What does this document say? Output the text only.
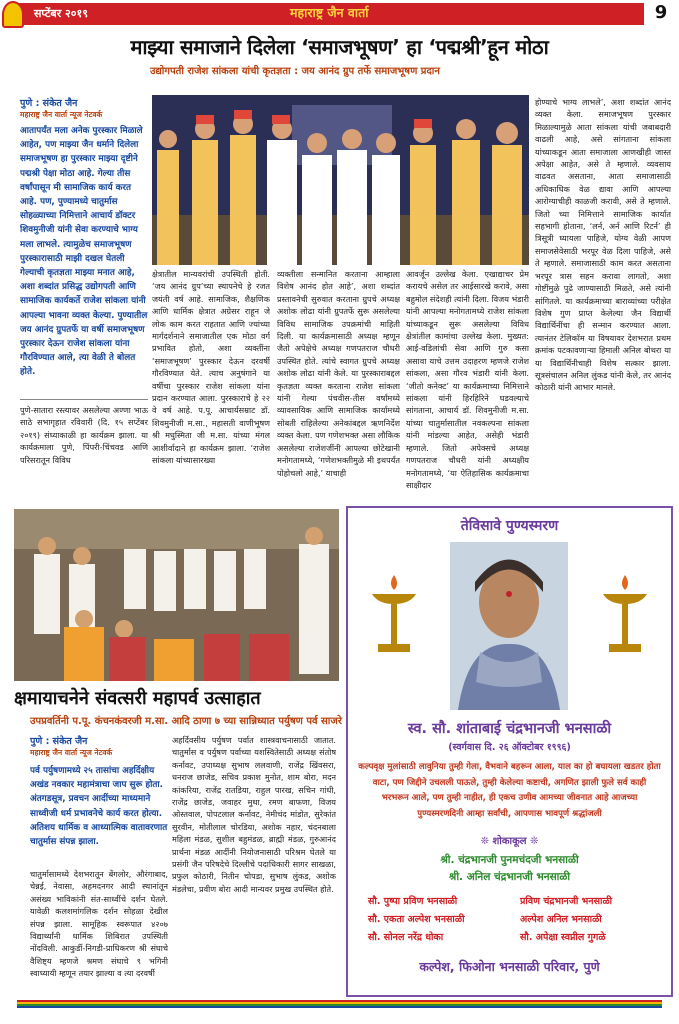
सप्टेंबर २०१९	महाराष्ट्र जैन वार्ता	9
माझ्या समाजाने दिलेला ‘समाजभूषण’ हा ‘पद्मश्री’हून मोठा
उद्योगपती राजेश सांकला यांची कृतज्ञता : जय आनंद ग्रुप तर्फे समाजभूषण प्रदान
पुणे : संकेत जैन
महाराष्ट्र जैन वार्ता न्यूज नेटवर्क
आतापर्यंत मला अनेक पुरस्कार मिळाले आहेत, पण माझ्या जैन धर्माने दिलेला समाजभूषण हा पुरस्कार माझ्या दृष्टीने पद्मश्री पेक्षा मोठा आहे. गेल्या तीस वर्षांपासून मी सामाजिक कार्य करत आहे. पण, पुण्यामध्ये चातुर्मास सोहळ्याच्या निमित्ताने आचार्य डॉक्टर शिवमुनीजी यांनी सेवा करण्याचे भाग्य मला लाभले. त्यामुळेच समाजभूषण पुरस्कारासाठी माझी दखल घेतली गेल्याची कृतज्ञता माझ्या मनात आहे, अशा शब्दांत प्रसिद्ध उद्योगपती आणि सामाजिक कार्यकर्ते राजेश सांकला यांनी आपल्या भावना व्यक्त केल्या. पुण्यातील जय आनंद ग्रुपतर्फे या वर्षी समाजभूषण पुरस्कार देऊन राजेश सांकला यांना गौरविण्यात आले, त्या वेळी ते बोलत होते.
पुणे-सातारा रस्त्यावर असलेल्या अण्णा भाऊ साठे सभागृहात रविवारी (दि. १५ सप्टेंबर २०१९) संध्याकाळी हा कार्यक्रम झाला. या कार्यक्रमाला पुणे, पिंपरी-चिंचवड आणि परिसरातून विविध
क्षेत्रातील मान्यवरांची उपस्थिती होती. ‘जय आनंद ग्रुप’च्या स्थापनेचे हे रजत जयंती वर्ष आहे. सामाजिक, शैक्षणिक आणि धार्मिक क्षेत्रात अग्रेसर राहून जे लोक काम करत राहतात आणि ज्यांच्या मार्गदर्शनाने समाजातील एक मोठा वर्ग प्रभावित होतो, अशा व्यक्तींना ‘समाजभूषण’ पुरस्कार देऊन दरवर्षी गौरविण्यात येते. त्याच अनुषंगाने या वर्षीचा पुरस्कार राजेश सांकला यांना प्रदान करण्यात आला. पुरस्काराचे हे २२ वे वर्ष आहे. प.पू. आचार्यसम्राट डॉ. शिवमुनीजी म.सा., महासती वाणीभूषण श्री मधुस्मिता जी म.सा. यांच्या मंगल आशीर्वादाने हा कार्यक्रम झाला. ‘राजेश सांकला यांच्यासारख्या
व्यक्तीला सन्मानित करताना आम्हाला विशेष आनंद होत आहे’, अशा शब्दांत प्रस्तावनेची सुरुवात करताना ग्रुपचे अध्यक्ष अशोक लोढा यांनी ग्रुपतर्फे सुरू असलेल्या विविध सामाजिक उपक्रमांची माहिती दिली. या कार्यक्रमासाठी अध्यक्ष म्हणून जैतो अपेक्षेचे अध्यक्ष गणपतराज चौधरी उपस्थित होते. त्यांचे स्वागत ग्रुपचे अध्यक्ष अशोक लोढा यांनी केले. या पुरस्काराबद्दल कृतज्ञता व्यक्त करताना राजेश सांकला यांनी गेल्या पंचवीस-तीस वर्षांमध्ये व्यावसायिक आणि सामाजिक कार्यामध्ये सोबती राहिलेल्या अनेकांबद्दल ऋणनिर्देश व्यक्त केला. पण गणेशभक्त असा लौकिक असलेल्या राजेशजींनी आपल्या छोटेखानी मनोगतामध्ये, ‘गणेशभक्तीमुळे मी इथपर्यंत पोहोचलो आहे,’ याचाही
आवर्जून उल्लेख केला. एखाद्याचर प्रेम करायचे असेल तर आईसारखे करावे, असा बहुमोल संदेशही त्यांनी दिला. विजय भंडारी यांनी आपल्या मनोगतामध्ये राजेश सांकला यांच्याकडून सुरू असलेल्या विविध क्षेत्रांतील कामांचा उल्लेख केला. मुख्यत: आई-वडिलांची सेवा आणि गुरु कसा असावा याचे उत्तम उदाहरण म्हणजे राजेश सांकला, असा गौरव भंडारी यांनी केला. ‘जीतो कनेक्ट’ या कार्यक्रमाच्या निमित्ताने सांकला यांनी हिरहिरिने घडवल्याचे सांगताना, आचार्य डॉ. शिवमुनीजी म.सा. यांच्या चातुर्मासातील नवकल्पना सांकला यांनी मांडल्या आहेत, असेही भंडारी म्हणाले. जितो अपेक्सचे अध्यक्ष गणपतराज चौधरी यांनी अध्यक्षीय मनोगतामध्ये, ‘या ऐतिहासिक कार्यक्रमाचा साक्षीदार
होण्याचे भाग्य लाभले’, अशा शब्दांत आनंद व्यक्त केला. समाजभूषण पुरस्कार मिळाल्यामुळे आता सांकला यांची जबाबदारी वाढली आहे, असे सांगताना सांकला यांच्याकडून आता समाजाला आणखीही जास्त अपेक्षा आहेत, असे ते म्हणाले. व्यवसाय वाढवत असताना, आता समाजासाठी अधिकाधिक वेळ द्यावा आणि आपल्या आरोग्याचीही काळजी करावी, असे ते म्हणाले. जितो च्या निमित्ताने सामाजिक कार्यात सहभागी होताना, ‘लर्न, अर्न आणि रिटर्न’ ही त्रिसूत्री घ्यायला पाहिजे, योग्य वेळी आपण समाजसेवेसाठी भरपूर वेळ दिला पाहिजे, असे ते म्हणाले. समाजासाठी काम करत असताना भरपूर त्रास सहन करावा लागतो, अशा गोष्टींमुळे पुढे जाण्यासाठी मिळते, असे त्यांनी सांगितले. या कार्यक्रमाच्या बाराव्यांच्या परीक्षेत विशेष गुण प्राप्त केलेल्या जैन विद्यार्थी विद्यार्थिनींचा ही सन्मान करण्यात आला. त्यानंतर टेलिकॉम या विषयावर देशभरात प्रथम क्रमांक पटकावणाऱ्या हिमाली अनिल बोथरा या या विद्यार्थिनीचाही विशेष सत्कार झाला. सूत्रसंचालन अनिल लुंकड यांनी केले, तर आनंद कोठारी यांनी आभार मानले.
क्षमायाचनेने संवत्सरी महापर्व उत्साहात
उपप्रवर्तिनी प.पू. कंचनकंवरजी म.सा. आदि ठाणा ७ च्या सान्निध्यात पर्युषण पर्व साजरे
पुणे : संकेत जैन
महाराष्ट्र जैन वार्ता न्यूज नेटवर्क
पर्व पर्युषणामध्ये २५ तासांचा अहर्दिक्षीय अखंड नवकार महामंत्राचा जाप सुरू होता. अंतगडसूत्र, प्रवचन आदींच्या माध्यमाने साध्वीजी धर्म प्रभावनेचे कार्य करत होत्या. अतिशय धार्मिक व आध्यात्मिक वातावरणात चातुर्मास संपन्न झाला.
चातुर्मासामध्ये देशभरातून बेंगलोर, औरंगाबाद, चेन्नई, नेवासा, अहमदनगर आदी स्थानांतून असंख्य भाविकांनी संत-साध्वींचे दर्शन घेतले. यावेळी कलशमांगलिक दर्शन सोहळा देखील संपन्न झाला. सामूहिक स्वरूपात ४२०७ विद्यार्थ्यांनी धार्मिक शिबिरात उपस्थिती नोंदविली. आकुर्डी-निगडी-प्राधिकरण श्री संघाचे वैशिष्ट्य म्हणजे श्रमण संघाचे ९ भगिनी स्वाध्यायी म्हणून तयार झाल्या व त्या दरवर्षी
अहर्दिवसीय पर्युषण पर्वात शास्त्रवाचनासाठी जातात. चातुर्मास व पर्युषण पर्वाच्या यशस्वितेसाठी अध्यक्ष संतोष कर्नावट, उपाध्यक्ष सुभाष ललवाणी, राजेंद्र खिंवसरा, धनराज छाजेड, सचिव प्रकाश मुनोत, शाम बोरा, मदन कांकरिया, राजेंद्र रातडिया, राहुल पारख, सचिन गांधी, राजेंद्र छाजेड, जवाहर मुथा, रमण बाफणा, विजय ओस्तवाल, पोपटलाल कर्नावट, नेमीचंद मांडोत, सुरेकांत सुरवीन, मोतीलाल चोरडिया, अशोक नहार, चंदनबाला महिला मंडळ, सुशील बहुमंडळ, ब्राह्मी मंडळ, गुरुआनंद प्रार्थना मंडळ आदींनी नियोजनासाठी परिश्रम घेतले या प्रसंगी जैन परिषदेचे दिल्लीचे पदाधिकारी सागर साखळा, प्रफुल कोठारी, नितीन चोपडा, सुभाष लुंकड, अशोक मंडलेचा, प्रवीण बोरा आदी मान्यवर प्रमुख उपस्थित होते.
तेविसावे पुण्यस्मरण
स्व. सौ. शांताबाई चंद्रभानजी भनसाळी
(स्वर्गवास दि. २६ ऑक्टोबर १९९६)
कल्पवृक्ष मुलांसाठी लावुनिया तुम्ही गेला, वैभवाने बहरून आला, याल का हो बघायला खडतर होता वाटा, पण जिद्दीने उचलली पाऊले, तुम्ही केलेल्या कष्टाची, अगणित झाली फुले सर्व काही भरभरून आले, पण तुम्ही नाहीत, ही एकच उणीव आमच्या जीवनात आहे आजच्या पुण्यस्मरणदिनी आम्हा सर्वांची, आपणास भावपूर्ण श्रद्धांजली
❊ शोकाकूल ❊
श्री. चंद्रभानजी पुनमचंदजी भनसाळी
श्री. अनिल चंद्रभानजी भनसाळी
सौ. पुष्पा प्रविण भनसाळी
सौ. एकता अल्पेश भनसाळी
सौ. सोनल नरेंद्र धोका
प्रविण चंद्रभानजी भनसाळी
अल्पेश अनिल भनसाळी
सौ. अपेक्षा स्वप्नील गुगळे
कल्पेश, फिओना भनसाळी परिवार, पुणे
